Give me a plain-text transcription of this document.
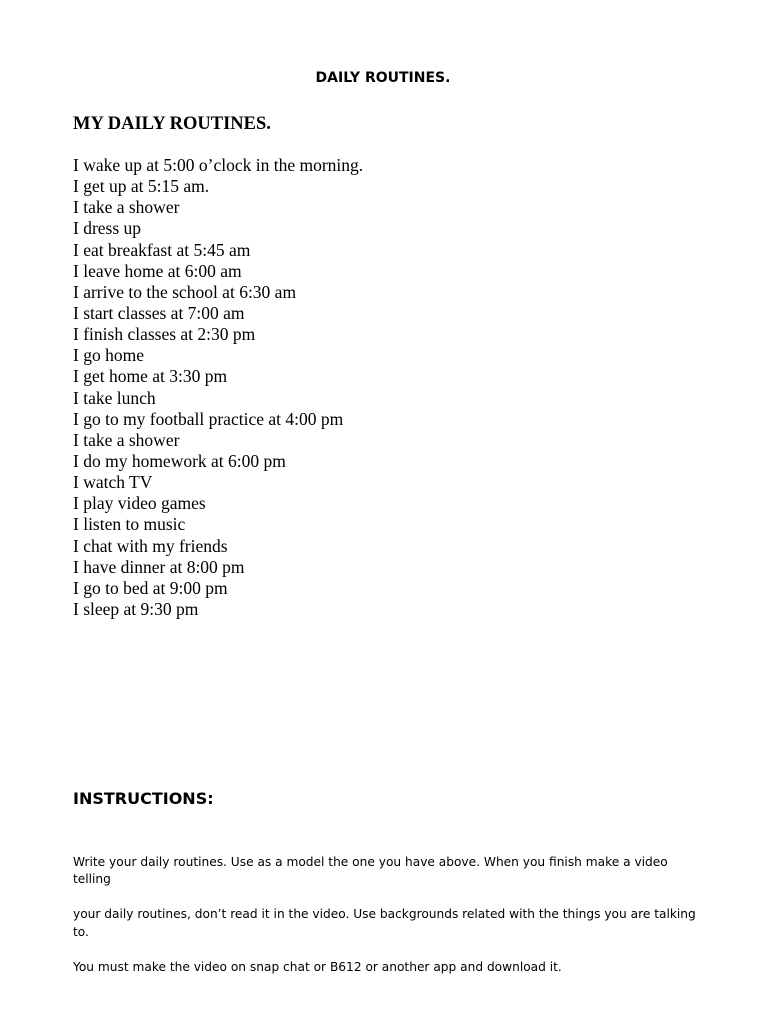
DAILY ROUTINES.
MY DAILY ROUTINES.
I wake up at 5:00 o’clock in the morning.
I get up at 5:15 am.
I take a shower
I dress up
I eat breakfast at 5:45 am
I leave home at 6:00 am
I arrive to the school at 6:30 am
I start classes at 7:00 am
I finish classes at 2:30 pm
I go home
I get home at 3:30 pm
I take lunch
I go to my football practice at 4:00 pm
I take a shower
I do my homework at 6:00 pm
I watch TV
I play video games
I listen to music
I chat with my friends
I have dinner at 8:00 pm
I go to bed at 9:00 pm
I sleep at 9:30 pm
INSTRUCTIONS:

Write your daily routines. Use as a model the one you have above. When you finish make a video telling

your daily routines, don’t read it in the video. Use backgrounds related with the things you are talking to.

You must make the video on snap chat or B612 or another app and download it.
